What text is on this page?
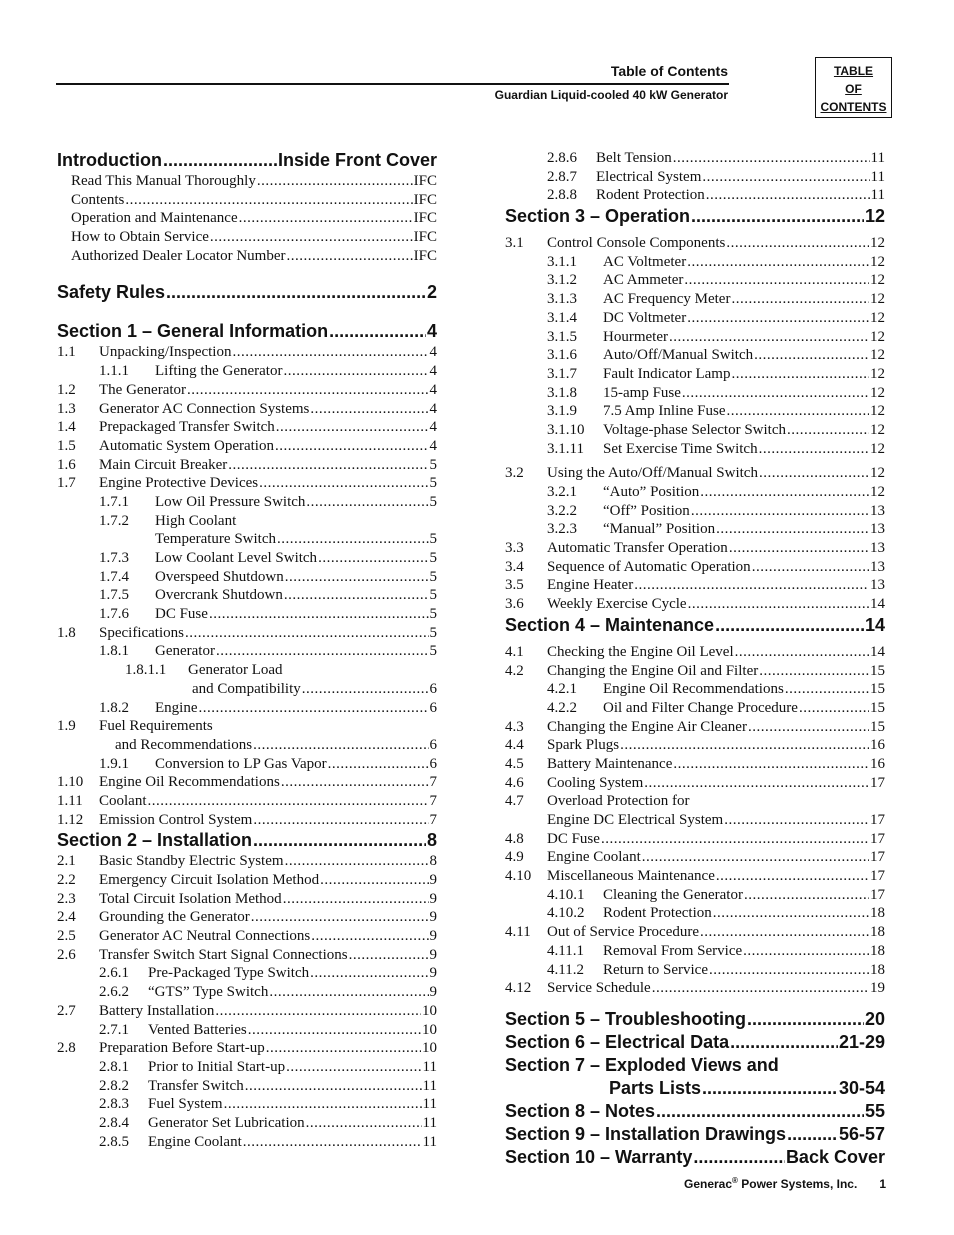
Table of Contents
Guardian Liquid-cooled 40 kW Generator
TABLE
OF
CONTENTS
Introduction .....	Inside Front Cover
Read This Manual Thoroughly .....	IFC
Contents .....	IFC
Operation and Maintenance .....	IFC
How to Obtain Service .....	IFC
Authorized Dealer Locator Number .....	IFC
Safety Rules .....	2
Section 1 – General Information .....	4
1.1	Unpacking/Inspection .....	4
1.1.1	Lifting the Generator .....	4
1.2	The Generator .....	4
1.3	Generator AC Connection Systems .....	4
1.4	Prepackaged Transfer Switch .....	4
1.5	Automatic System Operation .....	4
1.6	Main Circuit Breaker .....	5
1.7	Engine Protective Devices .....	5
1.7.1	Low Oil Pressure Switch .....	5
1.7.2	High Coolant
Temperature Switch .....	5
1.7.3	Low Coolant Level Switch .....	5
1.7.4	Overspeed Shutdown .....	5
1.7.5	Overcrank Shutdown .....	5
1.7.6	DC Fuse .....	5
1.8	Specifications .....	5
1.8.1	Generator .....	5
1.8.1.1	Generator Load
and Compatibility .....	6
1.8.2	Engine .....	6
1.9	Fuel Requirements
and Recommendations .....	6
1.9.1	Conversion to LP Gas Vapor .....	6
1.10	Engine Oil Recommendations .....	7
1.11	Coolant .....	7
1.12	Emission Control System .....	7
Section 2 – Installation .....	8
2.1	Basic Standby Electric System .....	8
2.2	Emergency Circuit Isolation Method .....	9
2.3	Total Circuit Isolation Method .....	9
2.4	Grounding the Generator .....	9
2.5	Generator AC Neutral Connections .....	9
2.6	Transfer Switch Start Signal Connections .....	9
2.6.1	Pre-Packaged Type Switch .....	9
2.6.2	“GTS” Type Switch .....	9
2.7	Battery Installation .....	10
2.7.1	Vented Batteries .....	10
2.8	Preparation Before Start-up .....	10
2.8.1	Prior to Initial Start-up .....	11
2.8.2	Transfer Switch .....	11
2.8.3	Fuel System .....	11
2.8.4	Generator Set Lubrication .....	11
2.8.5	Engine Coolant .....	11
2.8.6	Belt Tension .....	11
2.8.7	Electrical System .....	11
2.8.8	Rodent Protection .....	11
Section 3 – Operation .....	12
3.1	Control Console Components .....	12
3.1.1	AC Voltmeter .....	12
3.1.2	AC Ammeter .....	12
3.1.3	AC Frequency Meter .....	12
3.1.4	DC Voltmeter .....	12
3.1.5	Hourmeter .....	12
3.1.6	Auto/Off/Manual Switch .....	12
3.1.7	Fault Indicator Lamp .....	12
3.1.8	15-amp Fuse .....	12
3.1.9	7.5 Amp Inline Fuse .....	12
3.1.10	Voltage-phase Selector Switch .....	12
3.1.11	Set Exercise Time Switch .....	12
3.2	Using the Auto/Off/Manual Switch .....	12
3.2.1	“Auto” Position .....	12
3.2.2	“Off” Position .....	13
3.2.3	“Manual” Position .....	13
3.3	Automatic Transfer Operation .....	13
3.4	Sequence of Automatic Operation .....	13
3.5	Engine Heater .....	13
3.6	Weekly Exercise Cycle .....	14
Section 4 – Maintenance .....	14
4.1	Checking the Engine Oil Level .....	14
4.2	Changing the Engine Oil and Filter .....	15
4.2.1	Engine Oil Recommendations .....	15
4.2.2	Oil and Filter Change Procedure .....	15
4.3	Changing the Engine Air Cleaner .....	15
4.4	Spark Plugs .....	16
4.5	Battery Maintenance .....	16
4.6	Cooling System .....	17
4.7	Overload Protection for
Engine DC Electrical System .....	17
4.8	DC Fuse .....	17
4.9	Engine Coolant .....	17
4.10	Miscellaneous Maintenance .....	17
4.10.1	Cleaning the Generator .....	17
4.10.2	Rodent Protection .....	18
4.11	Out of Service Procedure .....	18
4.11.1	Removal From Service .....	18
4.11.2	Return to Service .....	18
4.12	Service Schedule .....	19
Section 5 – Troubleshooting .....	20
Section 6 – Electrical Data .....	21-29
Section 7 – Exploded Views and
Parts Lists .....	30-54
Section 8 – Notes .....	55
Section 9 – Installation Drawings .....	56-57
Section 10 – Warranty .....	Back Cover
Generac® Power Systems, Inc. 1
